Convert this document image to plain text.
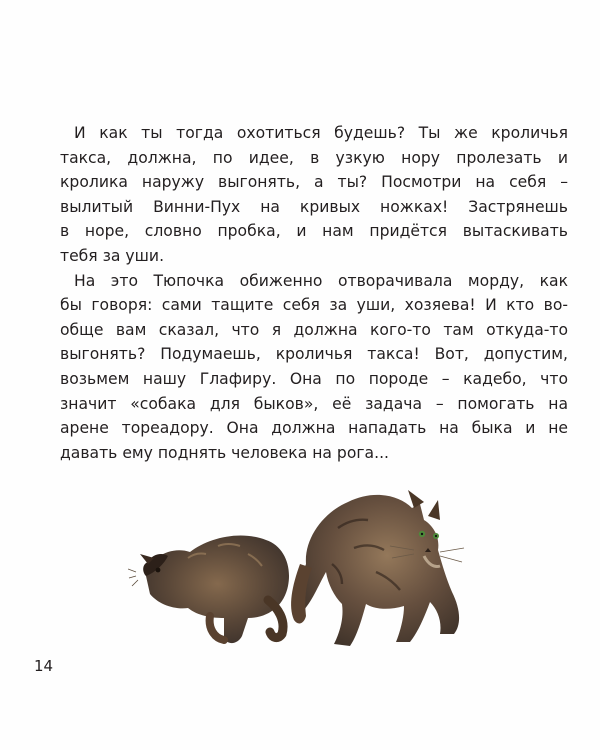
И как ты тогда охотиться будешь? Ты же кроличья
такса, должна, по идее, в узкую нору пролезать и
кролика наружу выгонять, а ты? Посмотри на себя –
вылитый Винни-Пух на кривых ножках! Застрянешь
в норе, словно пробка, и нам придётся вытаскивать
тебя за уши.
На это Тюпочка обиженно отворачивала морду, как
бы говоря: сами тащите себя за уши, хозяева! И кто во-
обще вам сказал, что я должна кого-то там откуда-то
выгонять? Подумаешь, кроличья такса! Вот, допустим,
возьмем нашу Глафиру. Она по породе – кадебо, что
значит «собака для быков», её задача – помогать на
арене тореадору. Она должна нападать на быка и не
давать ему поднять человека на рога...
14
